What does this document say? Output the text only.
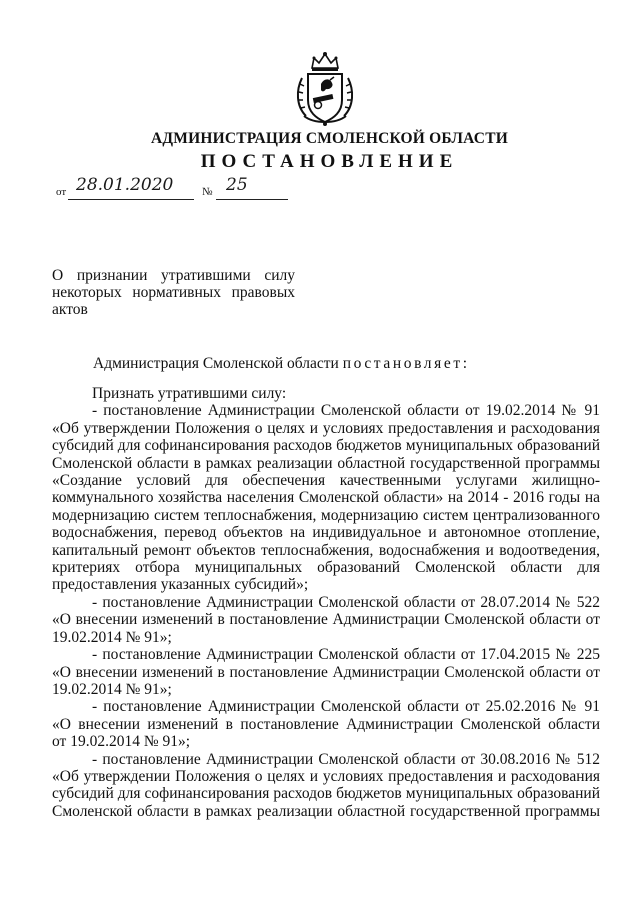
АДМИНИСТРАЦИЯ СМОЛЕНСКОЙ ОБЛАСТИ
ПОСТАНОВЛЕНИЕ
от 28.01.2020	№ 25
О признании утратившими силу
некоторых нормативных правовых
актов
Администрация Смоленской области постановляет:
Признать утратившими силу:
- постановление Администрации Смоленской области от 19.02.2014 № 91
«Об утверждении Положения о целях и условиях предоставления и расходования
субсидий для софинансирования расходов бюджетов муниципальных образований
Смоленской области в рамках реализации областной государственной программы
«Создание условий для обеспечения качественными услугами жилищно-
коммунального хозяйства населения Смоленской области» на 2014 - 2016 годы на
модернизацию систем теплоснабжения, модернизацию систем централизованного
водоснабжения, перевод объектов на индивидуальное и автономное отопление,
капитальный ремонт объектов теплоснабжения, водоснабжения и водоотведения,
критериях отбора муниципальных образований Смоленской области для
предоставления указанных субсидий»;
- постановление Администрации Смоленской области от 28.07.2014 № 522
«О внесении изменений в постановление Администрации Смоленской области от
19.02.2014 № 91»;
- постановление Администрации Смоленской области от 17.04.2015 № 225
«О внесении изменений в постановление Администрации Смоленской области от
19.02.2014 № 91»;
- постановление Администрации Смоленской области от 25.02.2016 № 91
«О внесении изменений в постановление Администрации Смоленской области
от 19.02.2014 № 91»;
- постановление Администрации Смоленской области от 30.08.2016 № 512
«Об утверждении Положения о целях и условиях предоставления и расходования
субсидий для софинансирования расходов бюджетов муниципальных образований
Смоленской области в рамках реализации областной государственной программы
